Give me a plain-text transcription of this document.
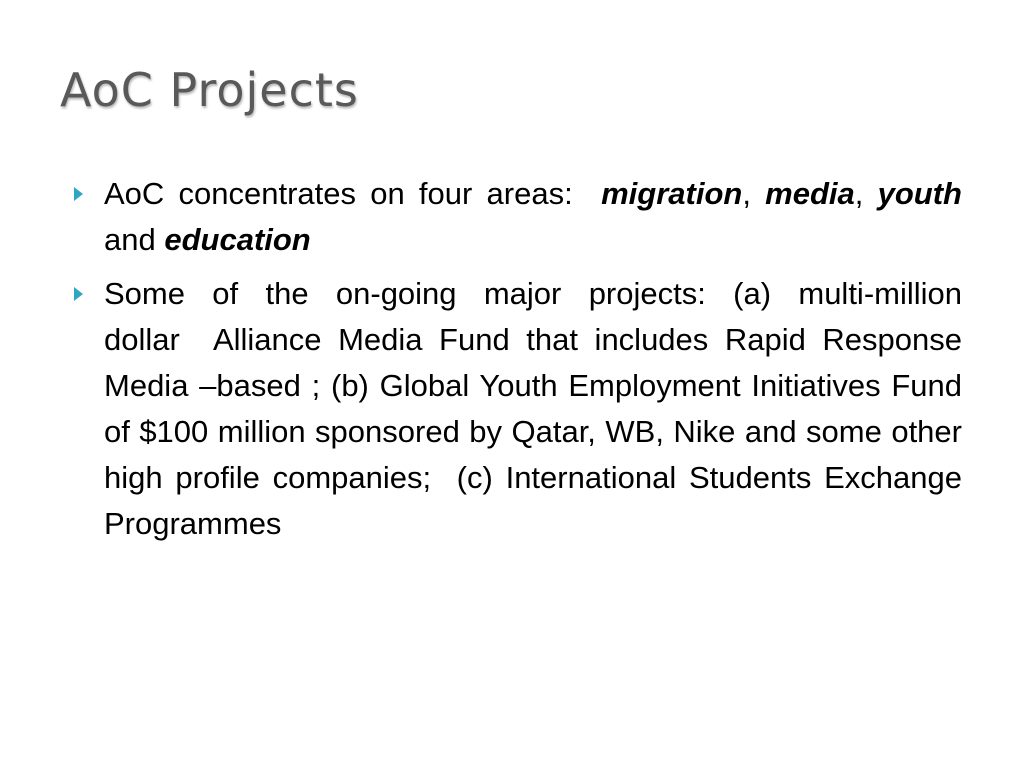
AoC Projects
AoC concentrates on four areas:  migration, media, youth and education
Some of the on-going major projects: (a) multi-million dollar  Alliance Media Fund that includes Rapid Response Media –based ; (b) Global Youth Employment Initiatives Fund of $100 million sponsored by Qatar, WB, Nike and some other high profile companies;  (c) International Students Exchange Programmes
